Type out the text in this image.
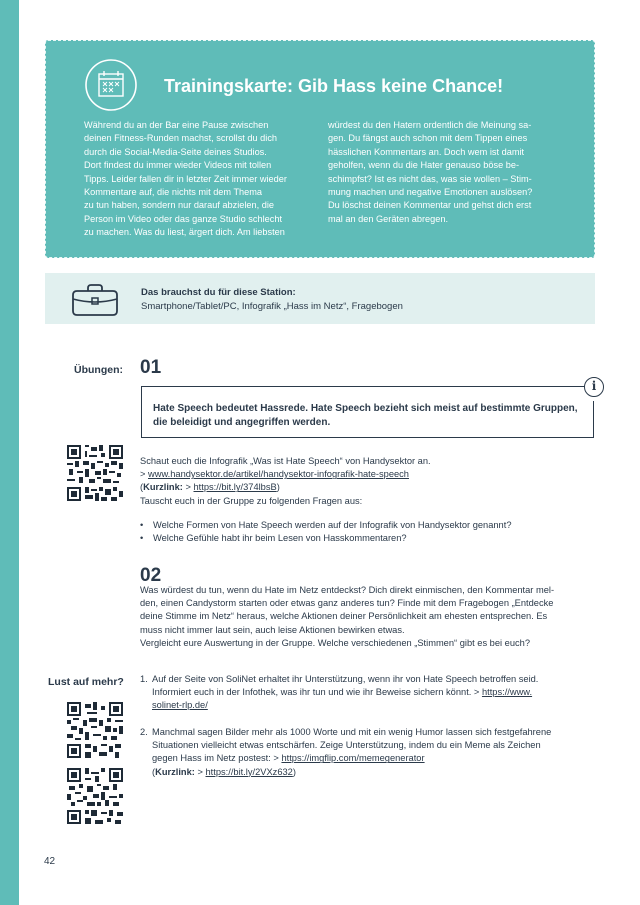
Trainingskarte: Gib Hass keine Chance!

Während du an der Bar eine Pause zwischen
deinen Fitness-Runden machst, scrollst du dich
durch die Social-Media-Seite deines Studios.
Dort findest du immer wieder Videos mit tollen
Tipps. Leider fallen dir in letzter Zeit immer wieder
Kommentare auf, die nichts mit dem Thema
zu tun haben, sondern nur darauf abzielen, die
Person im Video oder das ganze Studio schlecht
zu machen. Was du liest, ärgert dich. Am liebsten

würdest du den Hatern ordentlich die Meinung sa-
gen. Du fängst auch schon mit dem Tippen eines
hässlichen Kommentars an. Doch wem ist damit
geholfen, wenn du die Hater genauso böse be-
schimpfst? Ist es nicht das, was sie wollen – Stim-
mung machen und negative Emotionen auslösen?
Du löschst deinen Kommentar und gehst dich erst
mal an den Geräten abregen.

Das brauchst du für diese Station:
Smartphone/Tablet/PC, Infografik „Hass im Netz“, Fragebogen
Übungen: 01
Hate Speech bedeutet Hassrede. Hate Speech bezieht sich meist auf bestimmte Gruppen, die beleidigt und angegriffen werden.
i

Schaut euch die Infografik „Was ist Hate Speech“ von Handysektor an.
> www.handysektor.de/artikel/handysektor-infografik-hate-speech
(Kurzlink: > https://bit.ly/374lbsB)
Tauscht euch in der Gruppe zu folgenden Fragen aus:

• Welche Formen von Hate Speech werden auf der Infografik von Handysektor genannt?
• Welche Gefühle habt ihr beim Lesen von Hasskommentaren?
02

Was würdest du tun, wenn du Hate im Netz entdeckst? Dich direkt einmischen, den Kommentar mel-
den, einen Candystorm starten oder etwas ganz anderes tun? Finde mit dem Fragebogen „Entdecke
deine Stimme im Netz“ heraus, welche Aktionen deiner Persönlichkeit am ehesten entsprechen. Es
muss nicht immer laut sein, auch leise Aktionen bewirken etwas.
Vergleicht eure Auswertung in der Gruppe. Welche verschiedenen „Stimmen“ gibt es bei euch?

Lust auf mehr? 1. Auf der Seite von SoliNet erhaltet ihr Unterstützung, wenn ihr von Hate Speech betroffen seid.
Informiert euch in der Infothek, was ihr tun und wie ihr Beweise sichern könnt. > https://www.
solinet-rlp.de/
2. Manchmal sagen Bilder mehr als 1000 Worte und mit ein wenig Humor lassen sich festgefahrene
Situationen vielleicht etwas entschärfen. Zeige Unterstützung, indem du ein Meme als Zeichen
gegen Hass im Netz postest: > https://imgflip.com/memegenerator
(Kurzlink: > https://bit.ly/2VXz632)
42
